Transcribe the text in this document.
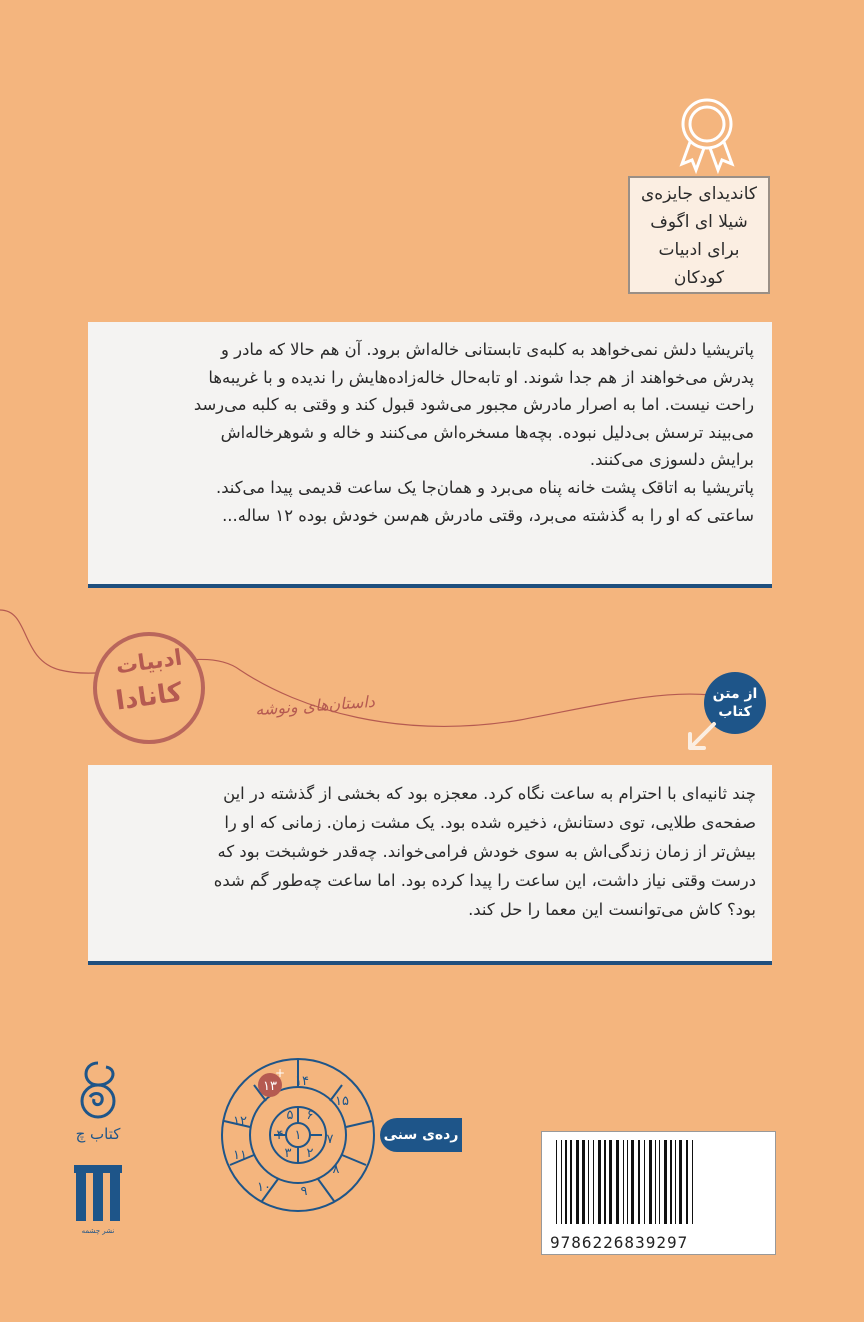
کاندیدای جایزه‌ی
شیلا ای اگوف
برای ادبیات
کودکان
پاتریشیا دلش نمی‌خواهد به کلبه‌ی تابستانی خاله‌اش برود. آن هم حالا که مادر و
پدرش می‌خواهند از هم جدا شوند. او تابه‌حال خاله‌زاده‌هایش را ندیده و با غریبه‌ها
راحت نیست. اما به اصرار مادرش مجبور می‌شود قبول کند و وقتی به کلبه می‌رسد
می‌بیند ترسش بی‌دلیل نبوده. بچه‌ها مسخره‌اش می‌کنند و خاله و شوهرخاله‌اش
برایش دلسوزی می‌کنند.
پاتریشیا به اتاقک پشت خانه پناه می‌برد و همان‌جا یک ساعت قدیمی پیدا می‌کند.
ساعتی که او را به گذشته می‌برد، وقتی مادرش هم‌سن خودش بوده ۱۲ ساله...
ادبیات
کانادا	داستان‌های ونوشه	از متن
کتاب
چند ثانیه‌ای با احترام به ساعت نگاه کرد. معجزه بود که بخشی از گذشته در این
صفحه‌ی طلایی، توی دستانش، ذخیره شده بود. یک مشت زمان. زمانی که او را
بیش‌تر از زمان زندگی‌اش به سوی خودش فرامی‌خواند. چه‌قدر خوشبخت بود که
درست وقتی نیاز داشت، این ساعت را پیدا کرده بود. اما ساعت چه‌طور گم شده
بود؟ کاش می‌توانست این معما را حل کند.
کتاب چ
نشر چشمه
۱
۲
۳
۴
۵ ۶
۷
۸
۹
۱۰
۱۱
۱۲
۱۳ ۱۴
۱۵
+
رده‌ی سنی
9786226839297
